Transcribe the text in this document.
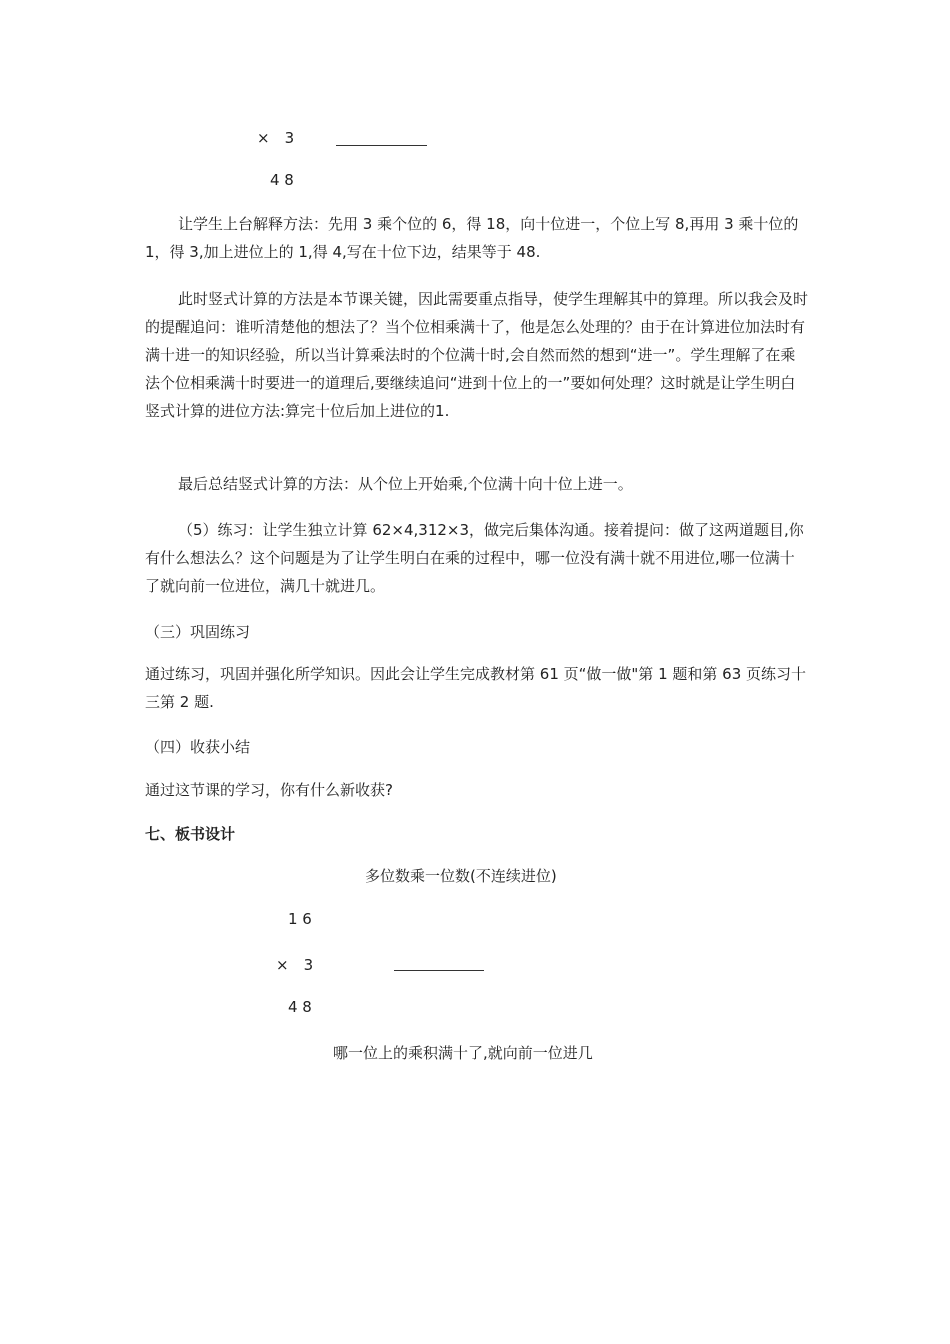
×　3
4 8
让学生上台解释方法：先用 3 乘个位的 6，得 18，向十位进一，个位上写 8,再用 3 乘十位的 1，得 3,加上进位上的 1,得 4,写在十位下边，结果等于 48.
此时竖式计算的方法是本节课关键，因此需要重点指导，使学生理解其中的算理。所以我会及时的提醒追问：谁听清楚他的想法了？当个位相乘满十了，他是怎么处理的？由于在计算进位加法时有满十进一的知识经验，所以当计算乘法时的个位满十时,会自然而然的想到“进一”。学生理解了在乘法个位相乘满十时要进一的道理后,要继续追问“进到十位上的一”要如何处理？这时就是让学生明白竖式计算的进位方法:算完十位后加上进位的1.
最后总结竖式计算的方法：从个位上开始乘,个位满十向十位上进一。
（5）练习：让学生独立计算 62×4,312×3，做完后集体沟通。接着提问：做了这两道题目,你有什么想法么？这个问题是为了让学生明白在乘的过程中，哪一位没有满十就不用进位,哪一位满十了就向前一位进位，满几十就进几。
（三）巩固练习
通过练习，巩固并强化所学知识。因此会让学生完成教材第 61 页“做一做"第 1 题和第 63 页练习十三第 2 题.
（四）收获小结
通过这节课的学习，你有什么新收获?
七、板书设计
多位数乘一位数(不连续进位)
1 6
×　3
4 8
哪一位上的乘积满十了,就向前一位进几
